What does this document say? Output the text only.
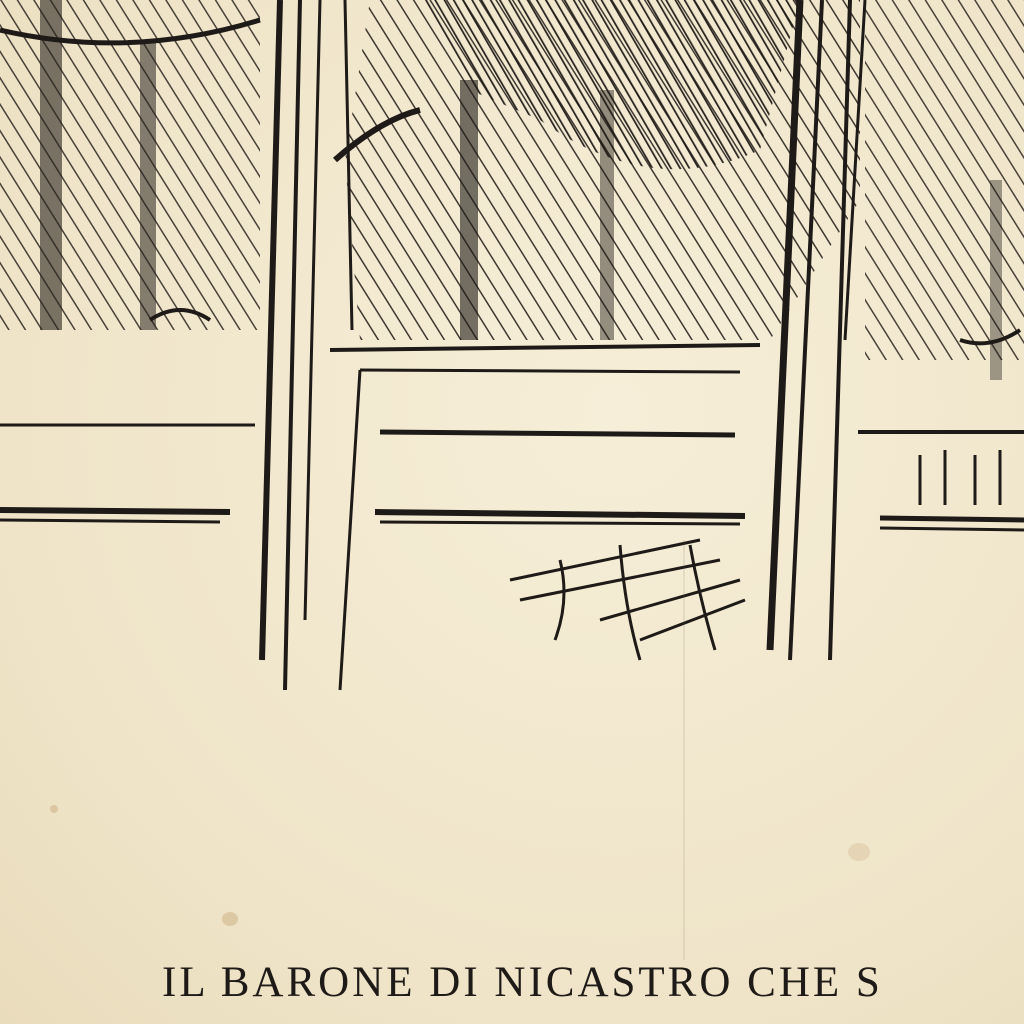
IL BARONE DI NICASTRO CHE S
